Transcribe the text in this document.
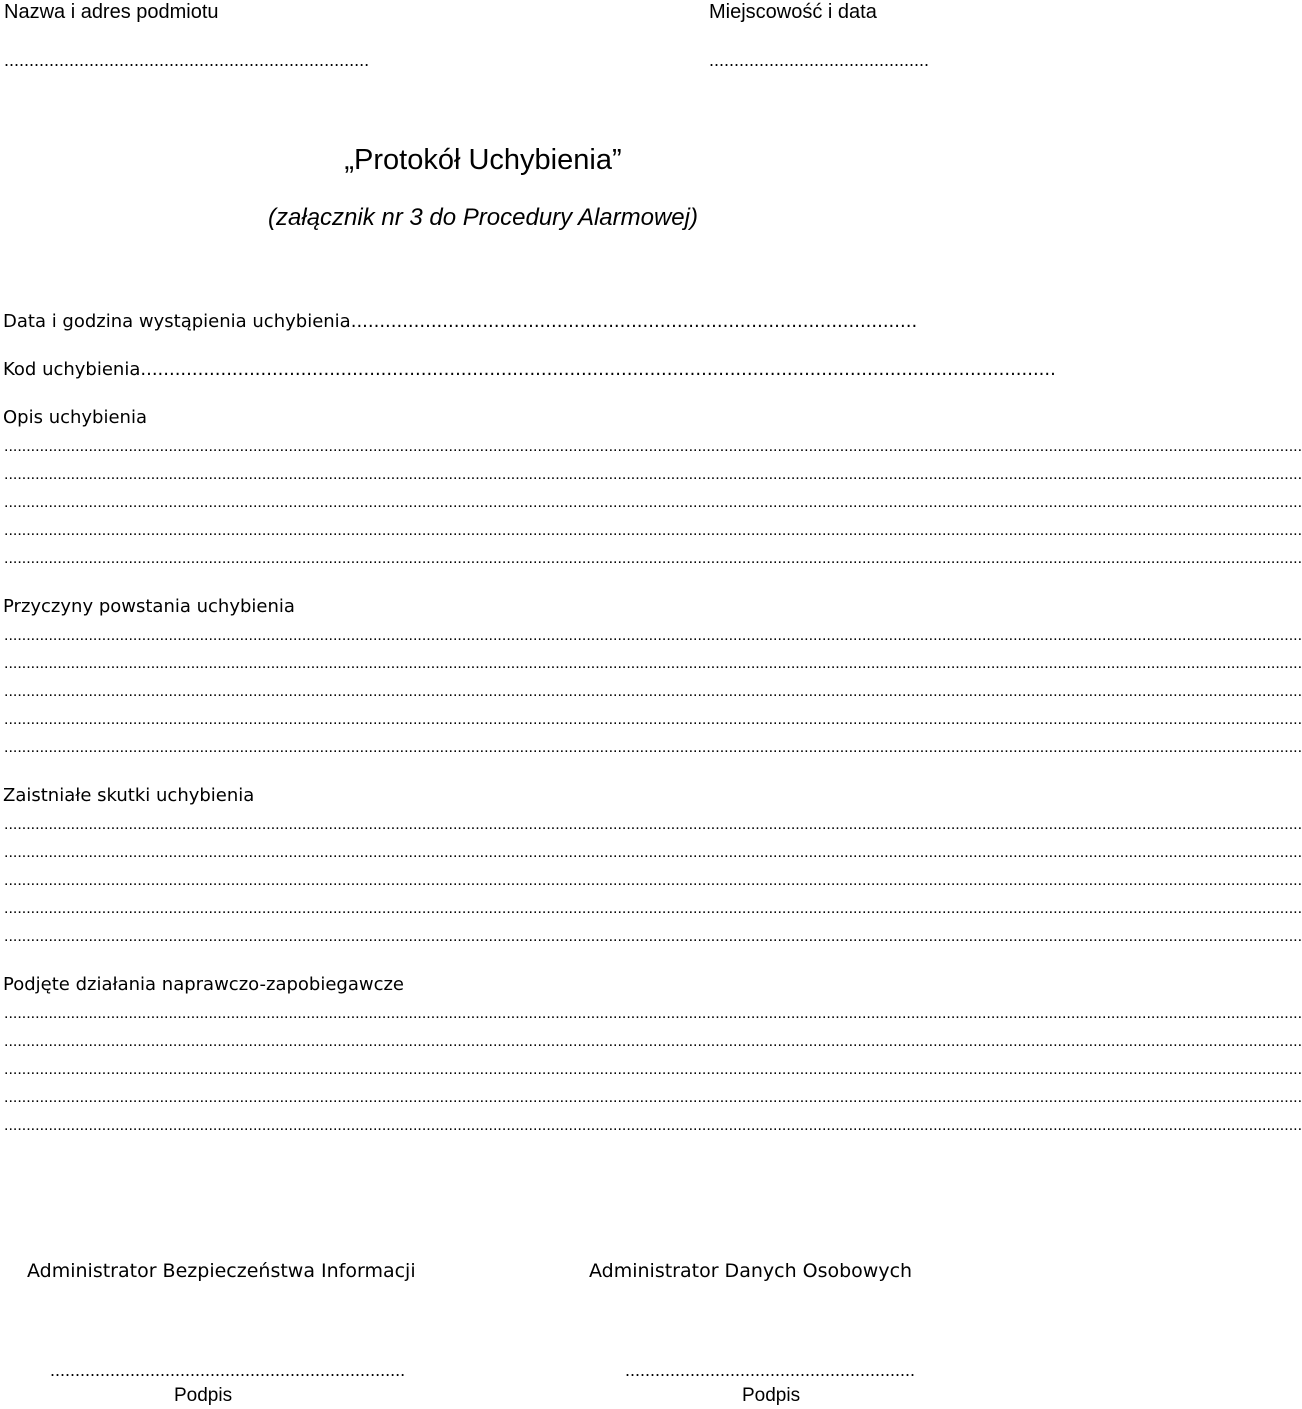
Nazwa i adres podmiotu
.........................................................................
Miejscowość i data
............................................
„Protokół Uchybienia”
(załącznik nr 3 do Procedury Alarmowej)
Data i godzina wystąpienia uchybienia...................................................................................................
Kod uchybienia................................................................................................................................................................
Opis uchybienia
....................................................................................................................................................................................................................................................................................................
....................................................................................................................................................................................................................................................................................................
....................................................................................................................................................................................................................................................................................................
....................................................................................................................................................................................................................................................................................................
....................................................................................................................................................................................................................................................................................................
Przyczyny powstania uchybienia
....................................................................................................................................................................................................................................................................................................
....................................................................................................................................................................................................................................................................................................
....................................................................................................................................................................................................................................................................................................
....................................................................................................................................................................................................................................................................................................
....................................................................................................................................................................................................................................................................................................
Zaistniałe skutki uchybienia
....................................................................................................................................................................................................................................................................................................
....................................................................................................................................................................................................................................................................................................
....................................................................................................................................................................................................................................................................................................
....................................................................................................................................................................................................................................................................................................
....................................................................................................................................................................................................................................................................................................
Podjęte działania naprawczo-zapobiegawcze
....................................................................................................................................................................................................................................................................................................
....................................................................................................................................................................................................................................................................................................
....................................................................................................................................................................................................................................................................................................
....................................................................................................................................................................................................................................................................................................
....................................................................................................................................................................................................................................................................................................
Administrator Bezpieczeństwa Informacji
.......................................................................
Podpis
Administrator Danych Osobowych
..........................................................
Podpis
